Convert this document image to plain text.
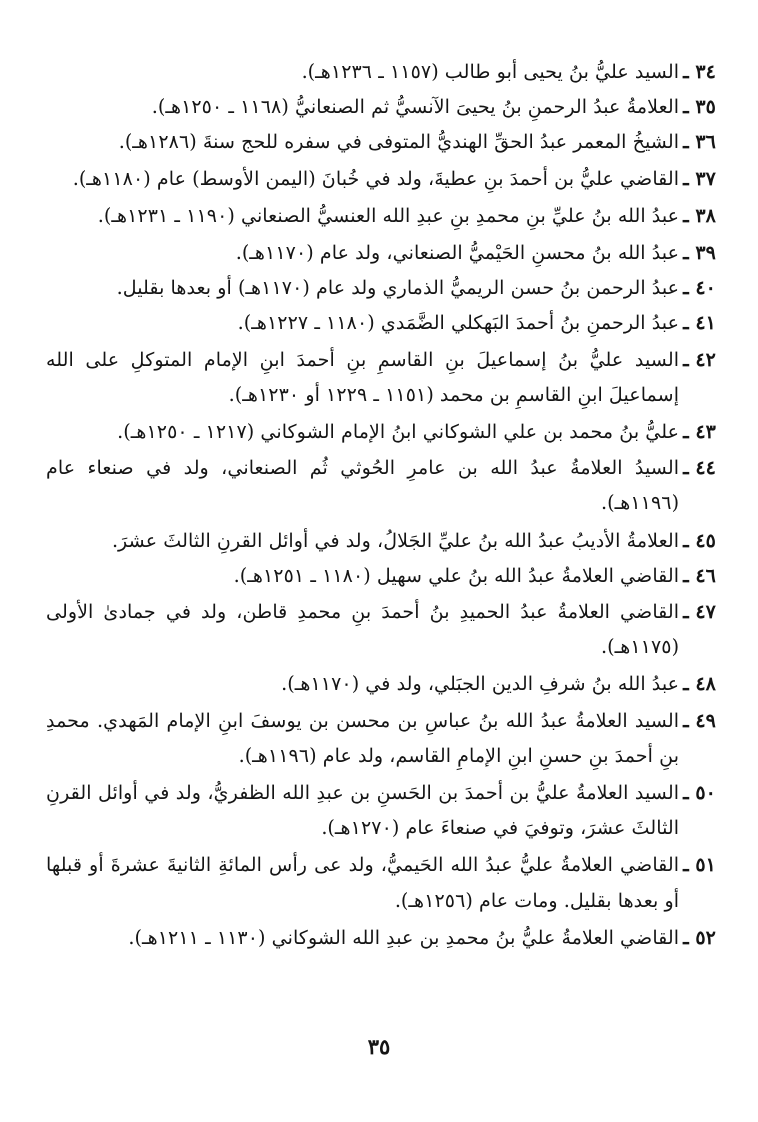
٣٤ ـ
السيد عليُّ بنُ يحيى أبو طالب (١١٥٧ ـ ١٢٣٦هـ).
٣٥ ـ
العلامةُ عبدُ الرحمنِ بنُ يحيىَ الآنسيُّ ثم الصنعانيُّ (١١٦٨ ـ ١٢٥٠هـ).
٣٦ ـ
الشيخُ المعمر عبدُ الحقِّ الهنديُّ المتوفى في سفره للحج سنةَ (١٢٨٦هـ).
٣٧ ـ
القاضي عليُّ بن أحمدَ بنِ عطيةَ، ولد في خُبانَ (اليمن الأوسط) عام (١١٨٠هـ).
٣٨ ـ
عبدُ الله بنُ عليِّ بنِ محمدِ بنِ عبدِ الله العنسيُّ الصنعاني (١١٩٠ ـ ١٢٣١هـ).
٣٩ ـ
عبدُ الله بنُ محسنِ الحَيْميُّ الصنعاني، ولد عام (١١٧٠هـ).
٤٠ ـ
عبدُ الرحمن بنُ حسن الريميُّ الذماري ولد عام (١١٧٠هـ) أو بعدها بقليل.
٤١ ـ
عبدُ الرحمنِ بنُ أحمدَ البَهكلي الضَّمَدي (١١٨٠ ـ ١٢٢٧هـ).
٤٢ ـ
السيد عليُّ بنُ إسماعيلَ بنِ القاسمِ بنِ أحمدَ ابنِ الإمام المتوكلِ على الله إسماعيلَ ابنِ القاسمِ بن محمد (١١٥١ ـ ١٢٢٩ أو ١٢٣٠هـ).
٤٣ ـ
عليُّ بنُ محمد بن علي الشوكاني ابنُ الإمام الشوكاني (١٢١٧ ـ ١٢٥٠هـ).
٤٤ ـ
السيدُ العلامةُ عبدُ الله بن عامرِ الحُوثي ثُم الصنعاني، ولد في صنعاء عام (١١٩٦هـ).
٤٥ ـ
العلامةُ الأديبُ عبدُ الله بنُ عليِّ الجَلالُ، ولد في أوائل القرنِ الثالثَ عشرَ.
٤٦ ـ
القاضي العلامةُ عبدُ الله بنُ علي سهيل (١١٨٠ ـ ١٢٥١هـ).
٤٧ ـ
القاضي العلامةُ عبدُ الحميدِ بنُ أحمدَ بنِ محمدِ قاطن، ولد في جمادىٰ الأولى (١١٧٥هـ).
٤٨ ـ
عبدُ الله بنُ شرفِ الدين الجبَلي، ولد في (١١٧٠هـ).
٤٩ ـ
السيد العلامةُ عبدُ الله بنُ عباسِ بن محسن بن يوسفَ ابنِ الإمام المَهدي. محمدِ بنِ أحمدَ بنِ حسنِ ابنِ الإمامِ القاسم، ولد عام (١١٩٦هـ).
٥٠ ـ
السيد العلامةُ عليُّ بن أحمدَ بن الحَسنِ بن عبدِ الله الظفريُّ، ولد في أوائل القرنِ الثالثَ عشرَ، وتوفيَ في صنعاءَ عام (١٢٧٠هـ).
٥١ ـ
القاضي العلامةُ عليُّ عبدُ الله الحَيميُّ، ولد عى رأس المائةِ الثانيةَ عشرةَ أو قبلها أو بعدها بقليل. ومات عام (١٢٥٦هـ).
٥٢ ـ
القاضي العلامةُ عليُّ بنُ محمدِ بن عبدِ الله الشوكاني (١١٣٠ ـ ١٢١١هـ).
٣٥
